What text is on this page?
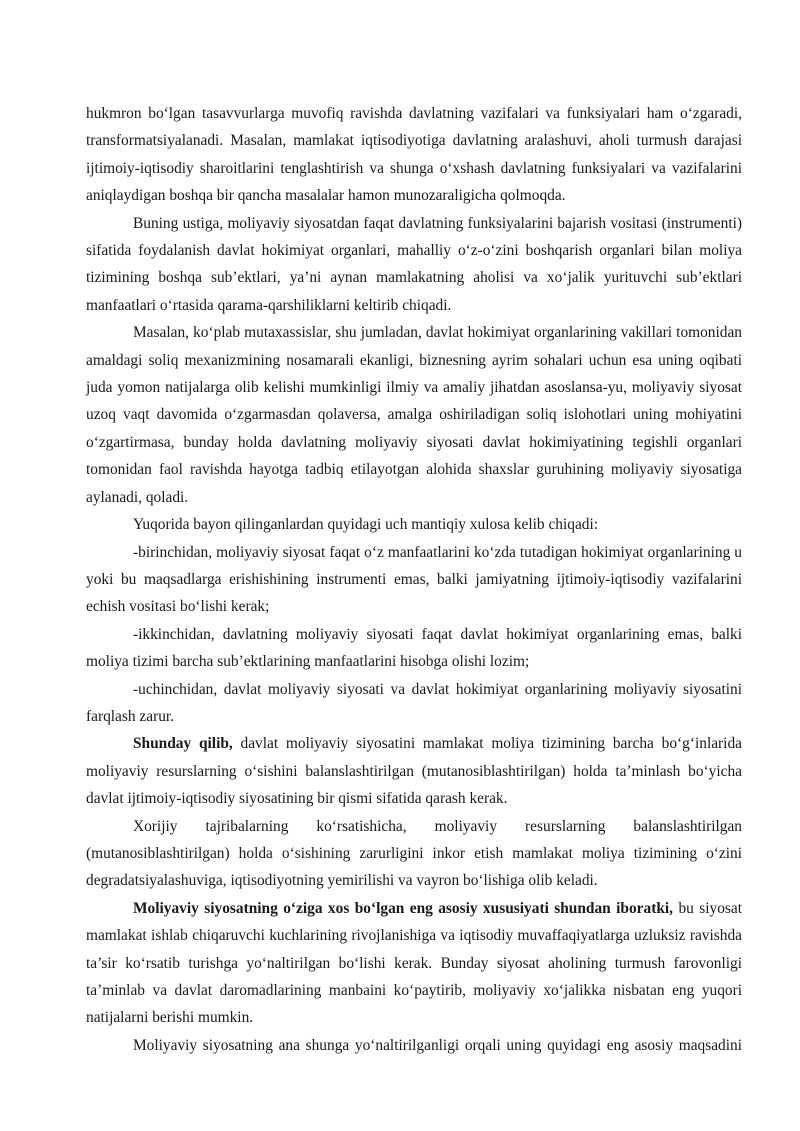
hukmron bo‘lgan tasavvurlarga muvofiq ravishda davlatning vazifalari va funksiyalari ham o‘zgaradi, transformatsiyalanadi. Masalan, mamlakat iqtisodiyotiga davlatning aralashuvi, aholi turmush darajasi ijtimoiy-iqtisodiy sharoitlarini tenglashtirish va shunga o‘xshash davlatning funksiyalari va vazifalarini aniqlaydigan boshqa bir qancha masalalar hamon munozaraligicha qolmoqda.

Buning ustiga, moliyaviy siyosatdan faqat davlatning funksiyalarini bajarish vositasi (instrumenti) sifatida foydalanish davlat hokimiyat organlari, mahalliy o‘z-o‘zini boshqarish organlari bilan moliya tizimining boshqa sub’ektlari, ya’ni aynan mamlakatning aholisi va xo‘jalik yurituvchi sub’ektlari manfaatlari o‘rtasida qarama-qarshiliklarni keltirib chiqadi.

Masalan, ko‘plab mutaxassislar, shu jumladan, davlat hokimiyat organlarining vakillari tomonidan amaldagi soliq mexanizmining nosamarali ekanligi, biznesning ayrim sohalari uchun esa uning oqibati juda yomon natijalarga olib kelishi mumkinligi ilmiy va amaliy jihatdan asoslansa-yu, moliyaviy siyosat uzoq vaqt davomida o‘zgarmasdan qolaversa, amalga oshiriladigan soliq islohotlari uning mohiyatini o‘zgartirmasa, bunday holda davlatning moliyaviy siyosati davlat hokimiyatining tegishli organlari tomonidan faol ravishda hayotga tadbiq etilayotgan alohida shaxslar guruhining moliyaviy siyosatiga aylanadi, qoladi.

Yuqorida bayon qilinganlardan quyidagi uch mantiqiy xulosa kelib chiqadi:

-birinchidan, moliyaviy siyosat faqat o‘z manfaatlarini ko‘zda tutadigan hokimiyat organlarining u yoki bu maqsadlarga erishishining instrumenti emas, balki jamiyatning ijtimoiy-iqtisodiy vazifalarini echish vositasi bo‘lishi kerak;

-ikkinchidan, davlatning moliyaviy siyosati faqat davlat hokimiyat organlarining emas, balki moliya tizimi barcha sub’ektlarining manfaatlarini hisobga olishi lozim;

-uchinchidan, davlat moliyaviy siyosati va davlat hokimiyat organlarining moliyaviy siyosatini farqlash zarur.

Shunday qilib, davlat moliyaviy siyosatini mamlakat moliya tizimining barcha bo‘g‘inlarida moliyaviy resurslarning o‘sishini balanslashtirilgan (mutanosiblashtirilgan) holda ta’minlash bo‘yicha davlat ijtimoiy-iqtisodiy siyosatining bir qismi sifatida qarash kerak.

Xorijiy tajribalarning ko‘rsatishicha, moliyaviy resurslarning balanslashtirilgan (mutanosiblashtirilgan) holda o‘sishining zarurligini inkor etish mamlakat moliya tizimining o‘zini degradatsiyalashuviga, iqtisodiyotning yemirilishi va vayron bo‘lishiga olib keladi.

Moliyaviy siyosatning o‘ziga xos bo‘lgan eng asosiy xususiyati shundan iboratki, bu siyosat mamlakat ishlab chiqaruvchi kuchlarining rivojlanishiga va iqtisodiy muvaffaqiyatlarga uzluksiz ravishda ta’sir ko‘rsatib turishga yo‘naltirilgan bo‘lishi kerak. Bunday siyosat aholining turmush farovonligi ta’minlab va davlat daromadlarining manbaini ko‘paytirib, moliyaviy xo‘jalikka nisbatan eng yuqori natijalarni berishi mumkin.

Moliyaviy siyosatning ana shunga yo‘naltirilganligi orqali uning quyidagi eng asosiy maqsadini
